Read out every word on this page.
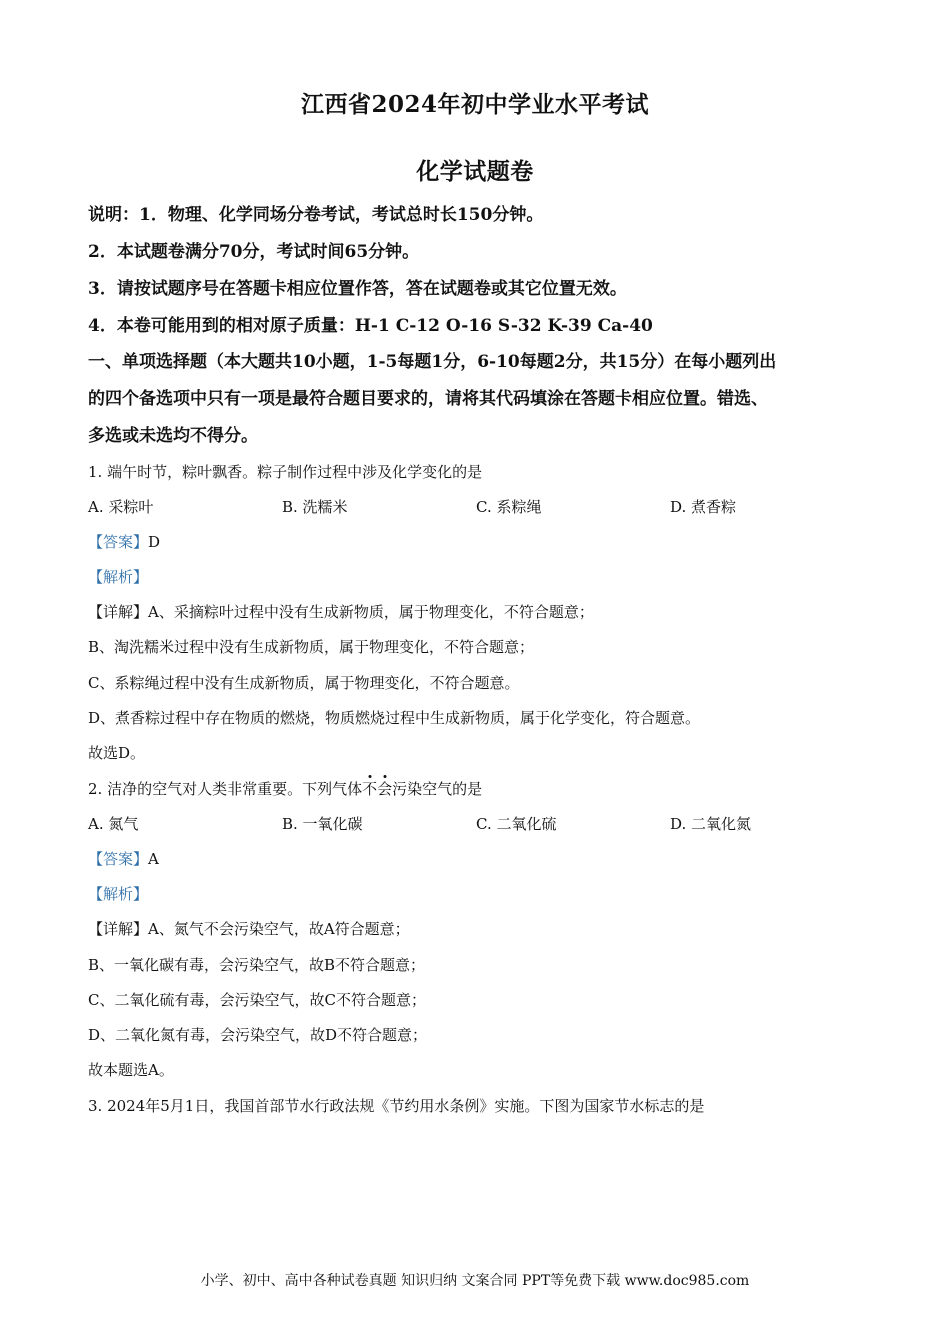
江西省2024年初中学业水平考试
化学试题卷
说明：1．物理、化学同场分卷考试，考试总时长150分钟。
2．本试题卷满分70分，考试时间65分钟。
3．请按试题序号在答题卡相应位置作答，答在试题卷或其它位置无效。
4．本卷可能用到的相对原子质量：H-1 C-12 O-16 S-32 K-39 Ca-40
一、单项选择题（本大题共10小题，1-5每题1分，6-10每题2分，共15分）在每小题列出
的四个备选项中只有一项是最符合题目要求的，请将其代码填涂在答题卡相应位置。错选、
多选或未选均不得分。
1. 端午时节，粽叶飘香。粽子制作过程中涉及化学变化的是
A. 采粽叶	B. 洗糯米	C. 系粽绳	D. 煮香粽
【答案】D
【解析】
【详解】A、采摘粽叶过程中没有生成新物质，属于物理变化，不符合题意；
B、淘洗糯米过程中没有生成新物质，属于物理变化，不符合题意；
C、系粽绳过程中没有生成新物质，属于物理变化，不符合题意。
D、煮香粽过程中存在物质的燃烧，物质燃烧过程中生成新物质，属于化学变化，符合题意。
故选D。
2. 洁净的空气对人类非常重要。下列气体不会污染空气的是
A. 氮气	B. 一氧化碳	C. 二氧化硫	D. 二氧化氮
【答案】A
【解析】
【详解】A、氮气不会污染空气，故A符合题意；
B、一氧化碳有毒，会污染空气，故B不符合题意；
C、二氧化硫有毒，会污染空气，故C不符合题意；
D、二氧化氮有毒，会污染空气，故D不符合题意；
故本题选A。
3. 2024年5月1日，我国首部节水行政法规《节约用水条例》实施。下图为国家节水标志的是
小学、初中、高中各种试卷真题 知识归纳 文案合同 PPT等免费下载 www.doc985.com
